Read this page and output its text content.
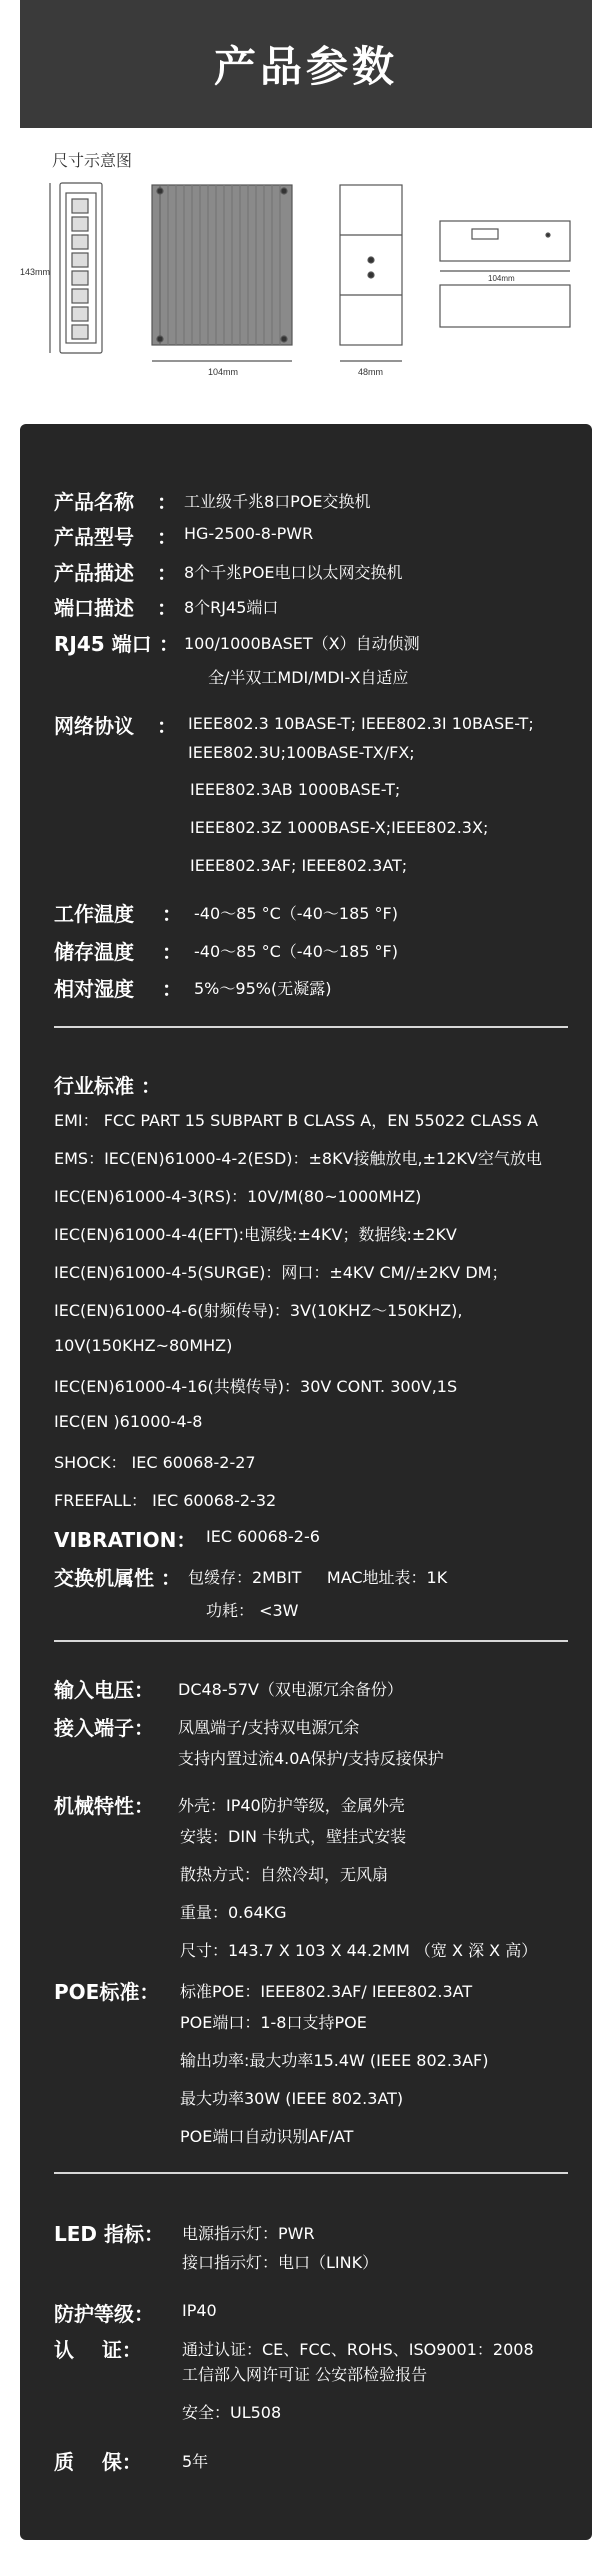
产品参数
尺寸示意图
143mm
104mm	48mm
104mm
产品名称	： 工业级千兆8口POE交换机
产品型号	： HG-2500-8-PWR
产品描述	： 8个千兆POE电口以太网交换机
端口描述	： 8个RJ45端口
RJ45 端口 ： 100/1000BASET（X）自动侦测
全/半双工MDI/MDI-X自适应
网络协议	： IEEE802.3 10BASE-T; IEEE802.3I 10BASE-T;
IEEE802.3U;100BASE-TX/FX;
IEEE802.3AB 1000BASE-T;
IEEE802.3Z 1000BASE-X;IEEE802.3X;
IEEE802.3AF; IEEE802.3AT;
工作温度	： -40～85 °C（-40～185 °F)
储存温度	： -40～85 °C（-40～185 °F)
相对湿度	： 5%～95%(无凝露)
行业标准 ：
EMI： FCC PART 15 SUBPART B CLASS A，EN 55022 CLASS A
EMS：IEC(EN)61000-4-2(ESD)：±8KV接触放电,±12KV空气放电
IEC(EN)61000-4-3(RS)：10V/M(80~1000MHZ)
IEC(EN)61000-4-4(EFT):电源线:±4KV；数据线:±2KV
IEC(EN)61000-4-5(SURGE)：网口：±4KV CM//±2KV DM；
IEC(EN)61000-4-6(射频传导)：3V(10KHZ～150KHZ),
10V(150KHZ~80MHZ)
IEC(EN)61000-4-16(共模传导)：30V CONT. 300V,1S
IEC(EN )61000-4-8
SHOCK： IEC 60068-2-27
FREEFALL： IEC 60068-2-32
VIBRATION： IEC 60068-2-6
交换机属性 ： 包缓存：2MBIT     MAC地址表：1K
功耗： <3W
输入电压：	DC48-57V（双电源冗余备份）
接入端子：	凤凰端子/支持双电源冗余
支持内置过流4.0A保护/支持反接保护
机械特性：	外壳：IP40防护等级，金属外壳
安装：DIN 卡轨式，壁挂式安装
散热方式：自然冷却，无风扇
重量：0.64KG
尺寸：143.7 X 103 X 44.2MM （宽 X 深 X 高）
POE标准：	标准POE：IEEE802.3AF/ IEEE802.3AT
POE端口：1-8口支持POE
输出功率:最大功率15.4W (IEEE 802.3AF)
最大功率30W (IEEE 802.3AT)
POE端口自动识别AF/AT
LED 指标：	电源指示灯：PWR
接口指示灯：电口（LINK）
防护等级：	IP40
认    证：	通过认证：CE、FCC、ROHS、ISO9001：2008
工信部入网许可证 公安部检验报告
安全：UL508
质    保：	5年
